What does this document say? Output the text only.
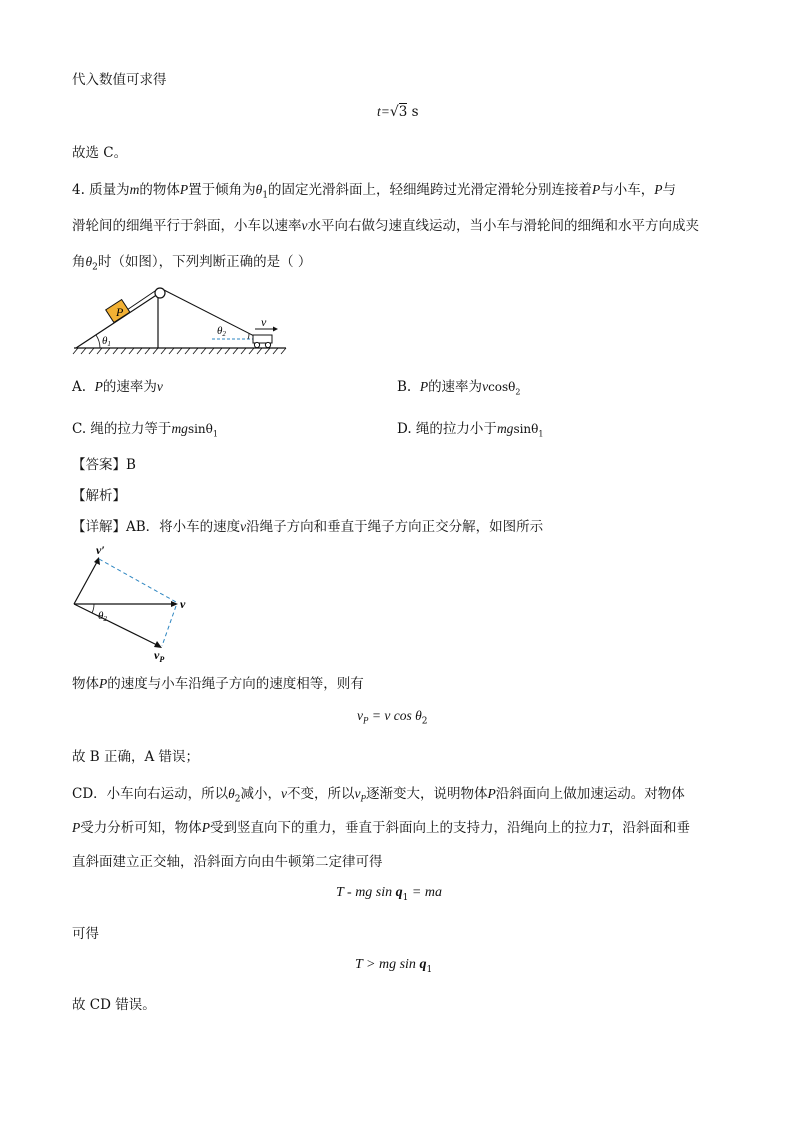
代入数值可求得
t=√3 s
故选 C。
4. 质量为m的物体P置于倾角为$\theta_1$的固定光滑斜面上，轻细绳跨过光滑定滑轮分别连接着P与小车，P与
滑轮间的细绳平行于斜面，小车以速率v水平向右做匀速直线运动，当小车与滑轮间的细绳和水平方向成夹
角$\theta_2$时（如图），下列判断正确的是（ ）
P
θ1
θ2
v
A. P的速率为v	B. P的速率为vcosθ$_2$
C. 绳的拉力等于mgsinθ$_1$	D. 绳的拉力小于mgsinθ$_1$
【答案】B
【解析】
【详解】AB．将小车的速度v沿绳子方向和垂直于绳子方向正交分解，如图所示
v′
v
$v_P$
θ2
物体P的速度与小车沿绳子方向的速度相等，则有
$v_P = v$ $\cos \theta_2$
故 B 正确，A 错误；
CD．小车向右运动，所以$\theta_2$减小，v不变，所以$v_P$逐渐变大，说明物体P沿斜面向上做加速运动。对物体
P受力分析可知，物体P受到竖直向下的重力，垂直于斜面向上的支持力，沿绳向上的拉力T，沿斜面和垂
直斜面建立正交轴，沿斜面方向由牛顿第二定律可得
T - mg $\sin q_1$ = ma
可得
T > mg $\sin q_1$
故 CD 错误。
